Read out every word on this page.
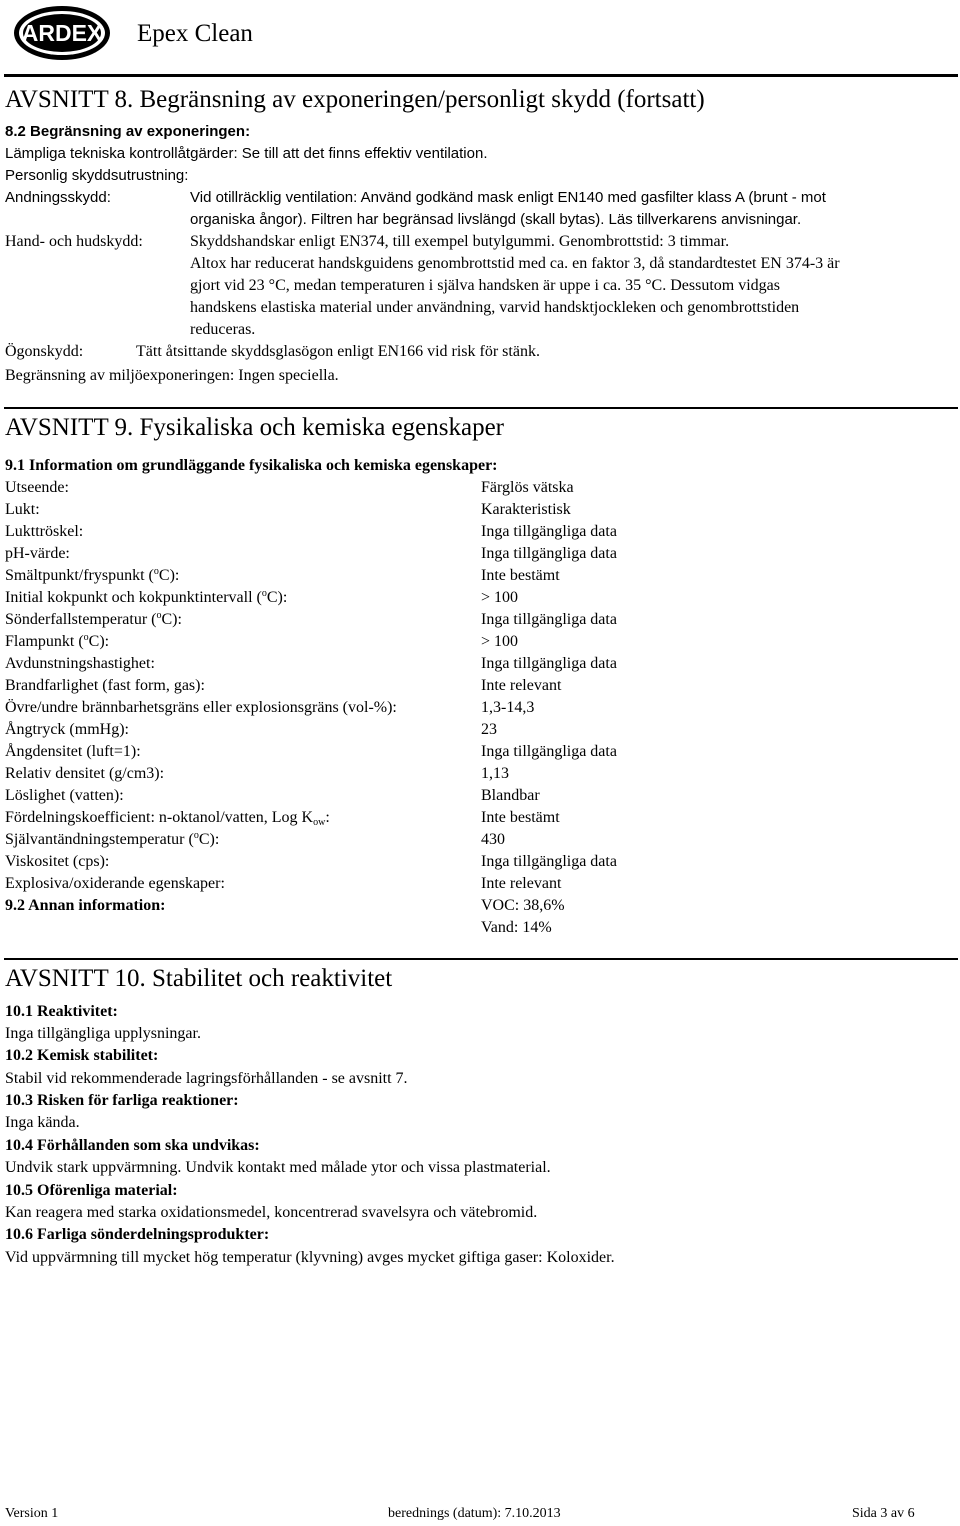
ARDEX Epex Clean
AVSNITT 8. Begränsning av exponeringen/personligt skydd (fortsatt)
8.2 Begränsning av exponeringen:
Lämpliga tekniska kontrollåtgärder: Se till att det finns effektiv ventilation.
Personlig skyddsutrustning:
Andningsskydd:	Vid otillräcklig ventilation: Använd godkänd mask enligt EN140 med gasfilter klass A (brunt - mot
organiska ångor). Filtren har begränsad livslängd (skall bytas). Läs tillverkarens anvisningar.
Hand- och hudskydd:	Skyddshandskar enligt EN374, till exempel butylgummi. Genombrottstid: 3 timmar.
Altox har reducerat handskguidens genombrottstid med ca. en faktor 3, då standardtestet EN 374-3 är
gjort vid 23 °C, medan temperaturen i själva handsken är uppe i ca. 35 °C. Dessutom vidgas
handskens elastiska material under användning, varvid handsktjockleken och genombrottstiden
reduceras.
Ögonskydd:	Tätt åtsittande skyddsglasögon enligt EN166 vid risk för stänk.
Begränsning av miljöexponeringen: Ingen speciella.
AVSNITT 9. Fysikaliska och kemiska egenskaper
9.1 Information om grundläggande fysikaliska och kemiska egenskaper:
Utseende:	Färglös vätska
Lukt:	Karakteristisk
Lukttröskel:	Inga tillgängliga data
pH-värde:	Inga tillgängliga data
Smältpunkt/fryspunkt ($^o$C):	Inte bestämt
Initial kokpunkt och kokpunktintervall ($^o$C):	> 100
Sönderfallstemperatur ($^o$C):	Inga tillgängliga data
Flampunkt ($^o$C):	> 100
Avdunstningshastighet:	Inga tillgängliga data
Brandfarlighet (fast form, gas):	Inte relevant
Övre/undre brännbarhetsgräns eller explosionsgräns (vol-%):	1,3-14,3
Ångtryck (mmHg):	23
Ångdensitet (luft=1):	Inga tillgängliga data
Relativ densitet (g/cm3):	1,13
Löslighet (vatten):	Blandbar
Fördelningskoefficient: n-oktanol/vatten, Log $K_{ow}$:	Inte bestämt
Självantändningstemperatur ($^o$C):	430
Viskositet (cps):	Inga tillgängliga data
Explosiva/oxiderande egenskaper:	Inte relevant
9.2 Annan information:	VOC: 38,6%
Vand: 14%
AVSNITT 10. Stabilitet och reaktivitet
10.1 Reaktivitet:
Inga tillgängliga upplysningar.
10.2 Kemisk stabilitet:
Stabil vid rekommenderade lagringsförhållanden - se avsnitt 7.
10.3 Risken för farliga reaktioner:
Inga kända.
10.4 Förhållanden som ska undvikas:
Undvik stark uppvärmning. Undvik kontakt med målade ytor och vissa plastmaterial.
10.5 Oförenliga material:
Kan reagera med starka oxidationsmedel, koncentrerad svavelsyra och vätebromid.
10.6 Farliga sönderdelningsprodukter:
Vid uppvärmning till mycket hög temperatur (klyvning) avges mycket giftiga gaser: Koloxider.
Version 1	berednings (datum): 7.10.2013	Sida 3 av 6
